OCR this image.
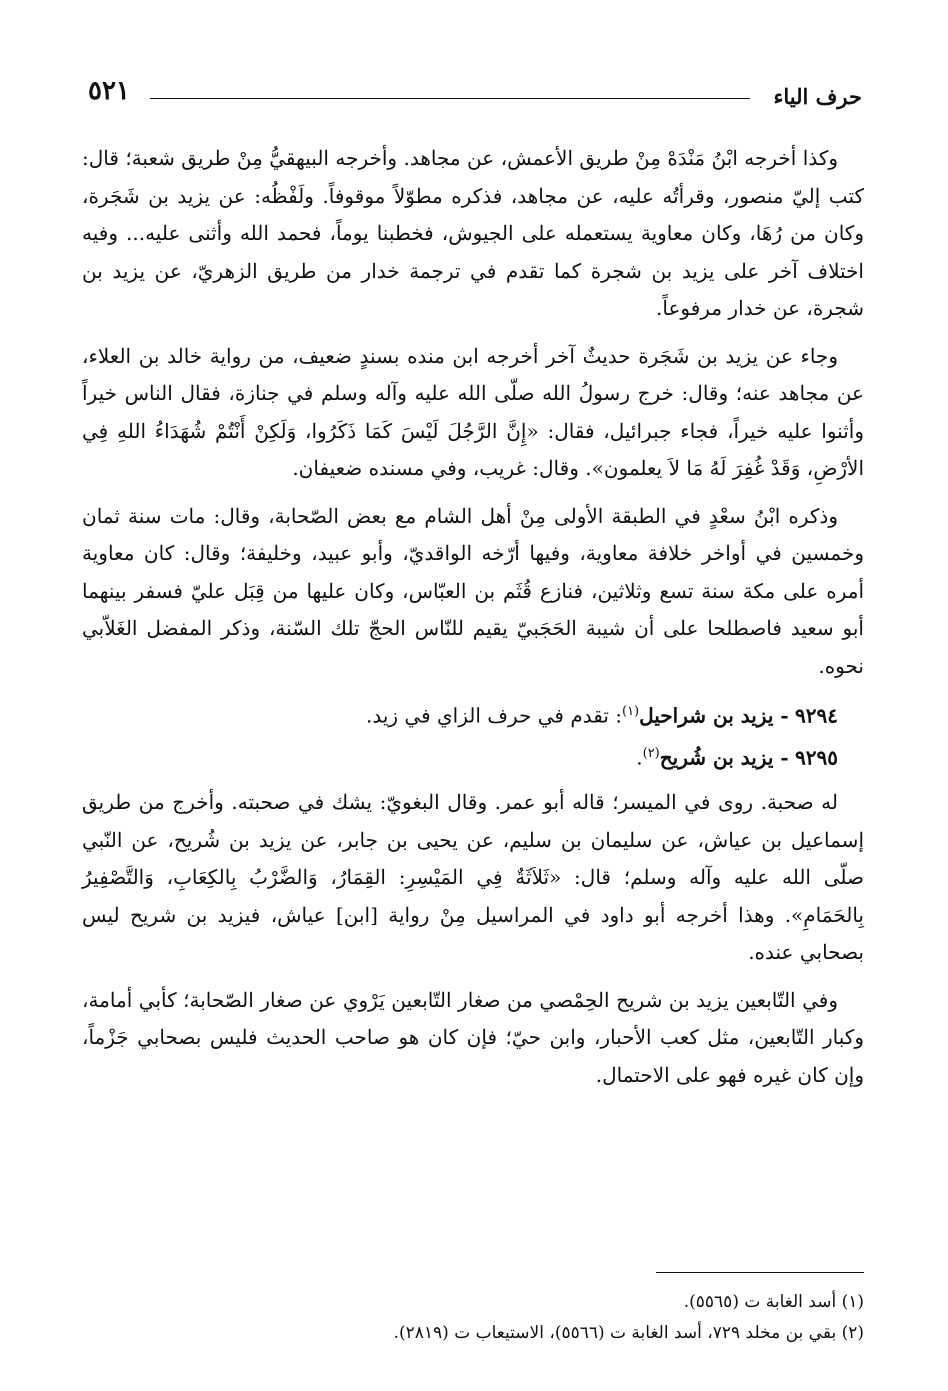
حرف الياء
٥٢١

وكذا أخرجه ابْنُ مَنْدَهْ مِنْ طريق الأعمش، عن مجاهد. وأخرجه البيهقيُّ مِنْ طريق شعبة؛ قال: كتب إليّ منصور، وقرأتُه عليه، عن مجاهد، فذكره مطوّلاً موقوفاً. ولَفْظُه: عن يزيد بن شَجَرة، وكان من رُهَا، وكان معاوية يستعمله على الجيوش، فخطبنا يوماً، فحمد الله وأثنى عليه... وفيه اختلاف آخر على يزيد بن شجرة كما تقدم في ترجمة خدار من طريق الزهريّ، عن يزيد بن شجرة، عن خدار مرفوعاً.

وجاء عن يزيد بن شَجَرة حديثٌ آخر أخرجه ابن منده بسندٍ ضعيف، من رواية خالد بن العلاء، عن مجاهد عنه؛ وقال: خرج رسولُ الله صلّى الله عليه وآله وسلم في جنازة، فقال الناس خيراً وأثنوا عليه خيراً، فجاء جبرائيل، فقال: «إِنَّ الرَّجُلَ لَيْسَ كَمَا ذَكَرُوا، وَلَكِنْ أَنْتُمْ شُهَدَاءُ اللهِ فِي الأرْضِ، وَقَدْ غُفِرَ لَهُ مَا لاَ يعلمون». وقال: غريب، وفي مسنده ضعيفان.

وذكره ابْنُ سعْدٍ في الطبقة الأولى مِنْ أهل الشام مع بعض الصّحابة، وقال: مات سنة ثمان وخمسين في أواخر خلافة معاوية، وفيها أرّخه الواقديّ، وأبو عبيد، وخليفة؛ وقال: كان معاوية أمره على مكة سنة تسع وثلاثين، فنازع قُثَم بن العبّاس، وكان عليها من قِبَل عليّ فسفر بينهما أبو سعيد فاصطلحا على أن شيبة الحَجَبيّ يقيم للنّاس الحجّ تلك السّنة، وذكر المفضل الغَلاّبي نحوه.

٩٢٩٤ - يزيد بن شراحيل$^{(١)}$: تقدم في حرف الزاي في زيد.

٩٢٩٥ - يزيد بن شُريح$^{(٢)}$.

له صحبة. روى في الميسر؛ قاله أبو عمر. وقال البغويّ: يشك في صحبته. وأخرج من طريق إسماعيل بن عياش، عن سليمان بن سليم، عن يحيى بن جابر، عن يزيد بن شُريح، عن النّبي صلّى الله عليه وآله وسلم؛ قال: «ثَلاَثَةٌ فِي المَيْسِرِ: القِمَارُ، وَالضَّرْبُ بِالكِعَابِ، وَالتَّصْفِيرُ بِالحَمَامِ». وهذا أخرجه أبو داود في المراسيل مِنْ رواية [ابن] عياش، فيزيد بن شريح ليس بصحابي عنده.

وفي التّابعين يزيد بن شريح الحِمْصي من صغار التّابعين يَرْوي عن صغار الصّحابة؛ كأبي أمامة، وكبار التّابعين، مثل كعب الأحبار، وابن حيّ؛ فإن كان هو صاحب الحديث فليس بصحابي جَزْماً، وإن كان غيره فهو على الاحتمال.

(١) أسد الغابة ت (٥٥٦٥).

(٢) بقي بن مخلد ٧٢٩، أسد الغابة ت (٥٥٦٦)، الاستيعاب ت (٢٨١٩).
